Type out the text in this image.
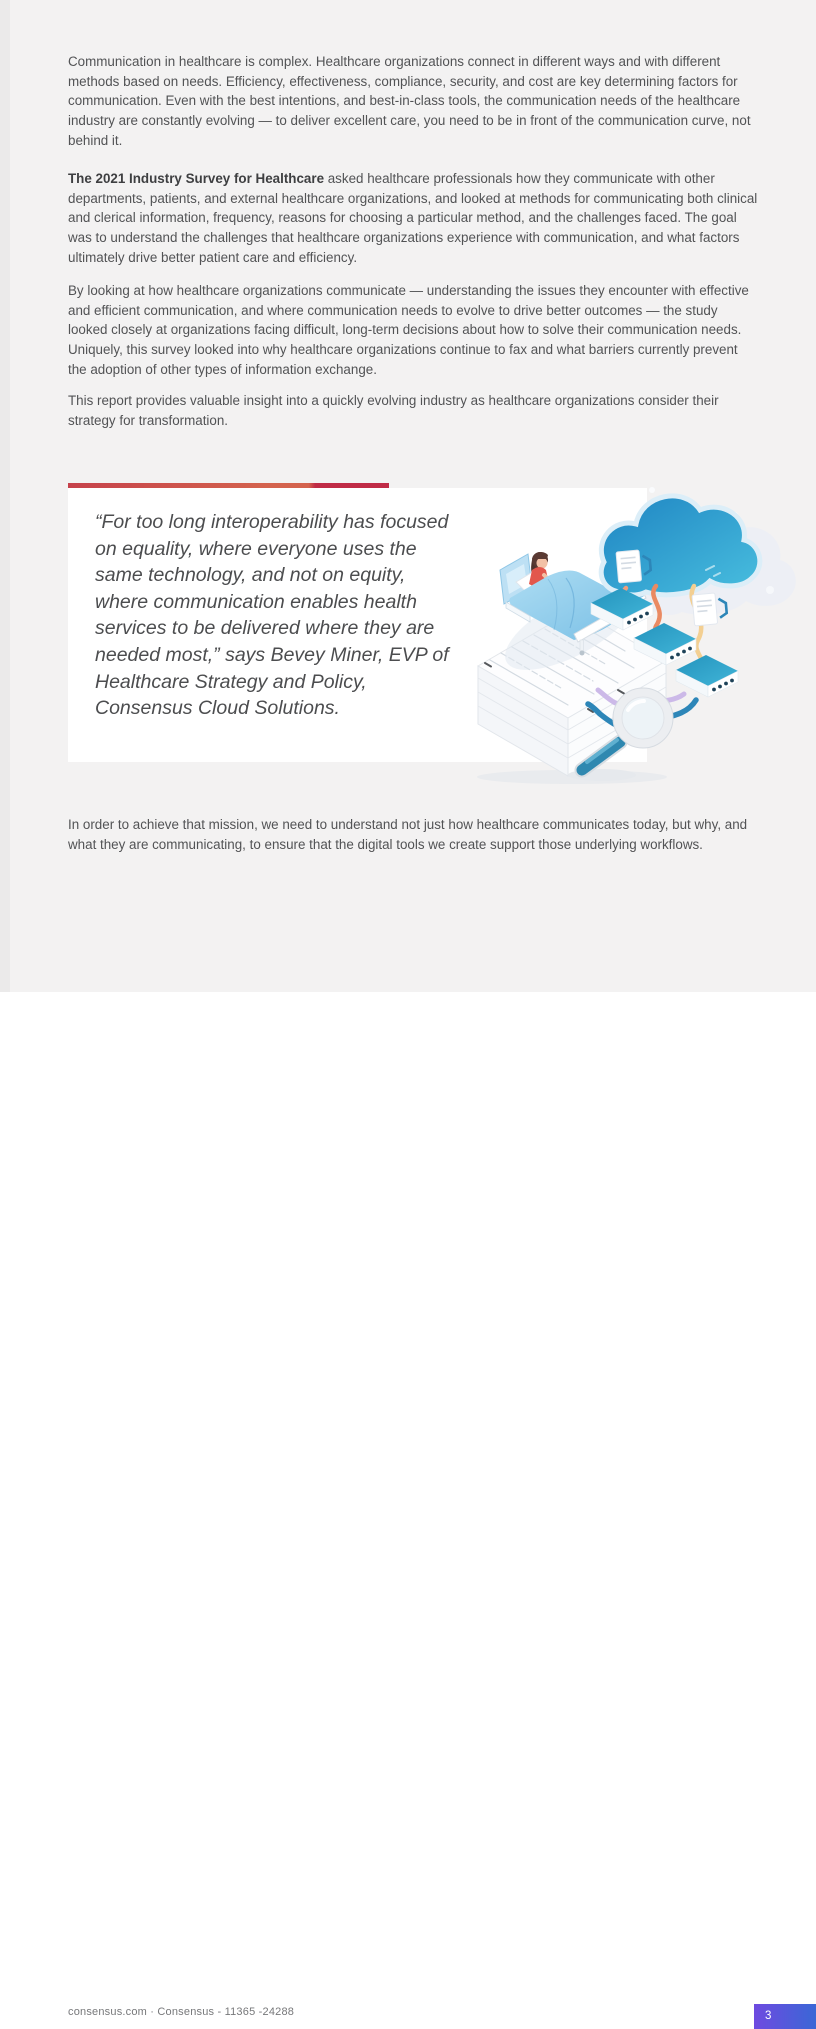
Communication in healthcare is complex. Healthcare organizations connect in different ways and with different methods based on needs. Efficiency, effectiveness, compliance, security, and cost are key determining factors for communication. Even with the best intentions, and best-in-class tools, the communication needs of the healthcare industry are constantly evolving — to deliver excellent care, you need to be in front of the communication curve, not behind it.

The 2021 Industry Survey for Healthcare asked healthcare professionals how they communicate with other departments, patients, and external healthcare organizations, and looked at methods for communicating both clinical and clerical information, frequency, reasons for choosing a particular method, and the challenges faced. The goal was to understand the challenges that healthcare organizations experience with communication, and what factors ultimately drive better patient care and efficiency.

By looking at how healthcare organizations communicate — understanding the issues they encounter with effective and efficient communication, and where communication needs to evolve to drive better outcomes — the study looked closely at organizations facing difficult, long-term decisions about how to solve their communication needs. Uniquely, this survey looked into why healthcare organizations continue to fax and what barriers currently prevent the adoption of other types of information exchange.

This report provides valuable insight into a quickly evolving industry as healthcare organizations consider their strategy for transformation.

“For too long interoperability has focused on equality, where everyone uses the same technology, and not on equity, where communication enables health services to be delivered where they are needed most,” says Bevey Miner, EVP of Healthcare Strategy and Policy, Consensus Cloud Solutions.

In order to achieve that mission, we need to understand not just how healthcare communicates today, but why, and what they are communicating, to ensure that the digital tools we create support those underlying workflows.

consensus.com · Consensus - 11365 -24288	3
